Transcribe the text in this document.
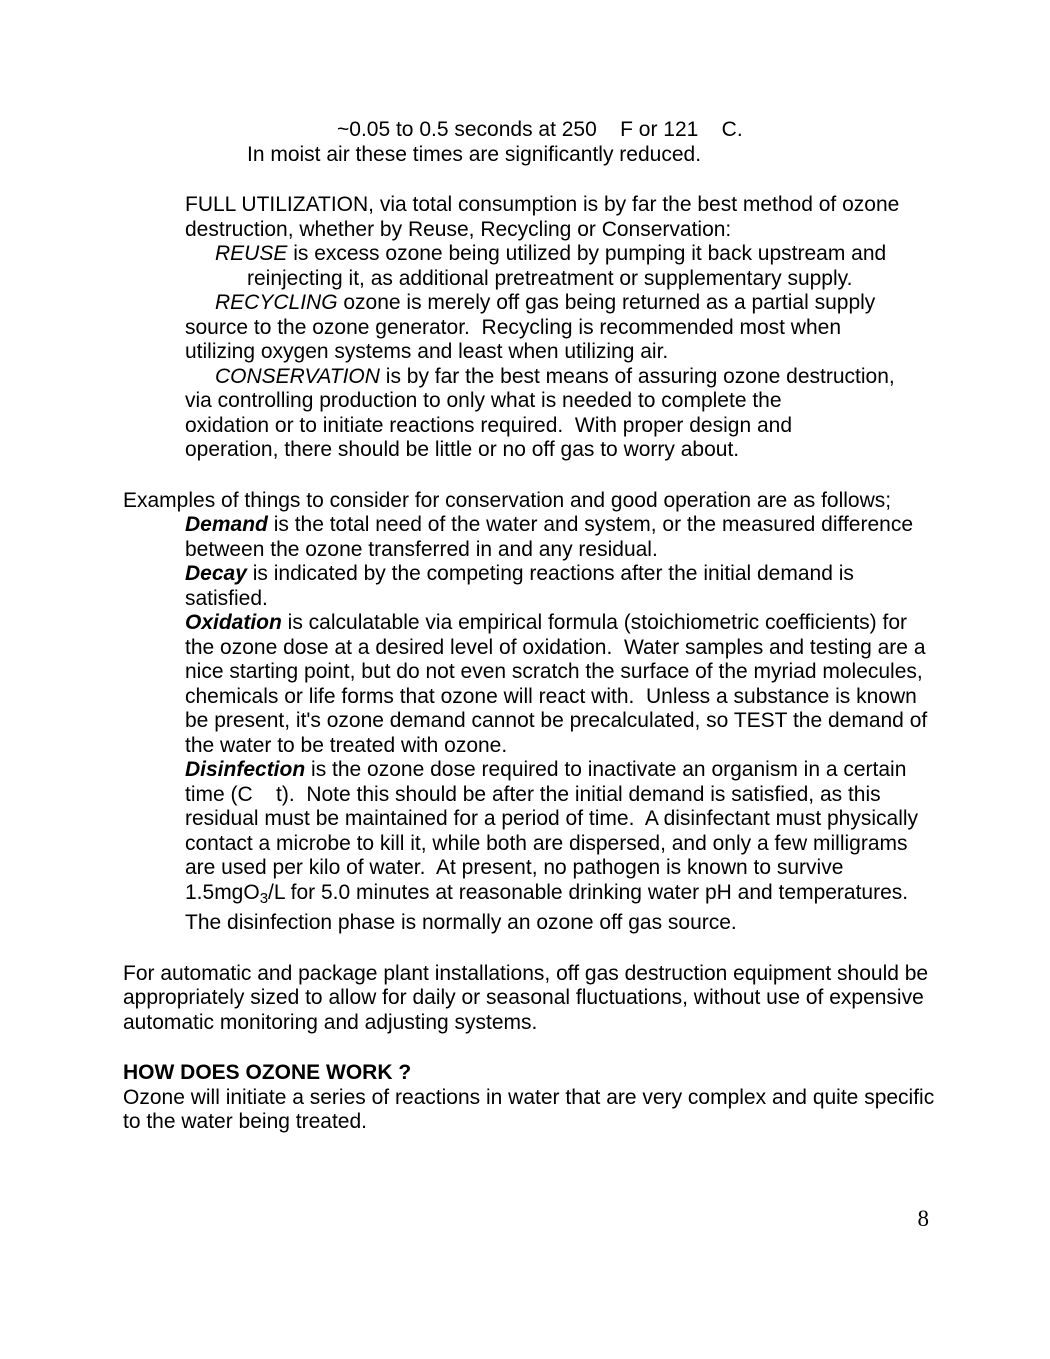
~0.05 to 0.5 seconds at 250    F or 121    C.
In moist air these times are significantly reduced.
FULL UTILIZATION, via total consumption is by far the best method of ozone
destruction, whether by Reuse, Recycling or Conservation:
REUSE is excess ozone being utilized by pumping it back upstream and
reinjecting it, as additional pretreatment or supplementary supply.
RECYCLING ozone is merely off gas being returned as a partial supply
source to the ozone generator.  Recycling is recommended most when
utilizing oxygen systems and least when utilizing air.
CONSERVATION is by far the best means of assuring ozone destruction,
via controlling production to only what is needed to complete the
oxidation or to initiate reactions required.  With proper design and
operation, there should be little or no off gas to worry about.
Examples of things to consider for conservation and good operation are as follows;
Demand is the total need of the water and system, or the measured difference
between the ozone transferred in and any residual.
Decay is indicated by the competing reactions after the initial demand is
satisfied.
Oxidation is calculatable via empirical formula (stoichiometric coefficients) for
the ozone dose at a desired level of oxidation.  Water samples and testing are a
nice starting point, but do not even scratch the surface of the myriad molecules,
chemicals or life forms that ozone will react with.  Unless a substance is known
be present, it's ozone demand cannot be precalculated, so TEST the demand of
the water to be treated with ozone.
Disinfection is the ozone dose required to inactivate an organism in a certain
time (C    t).  Note this should be after the initial demand is satisfied, as this
residual must be maintained for a period of time.  A disinfectant must physically
contact a microbe to kill it, while both are dispersed, and only a few milligrams
are used per kilo of water.  At present, no pathogen is known to survive
1.5mgO$_3$/L for 5.0 minutes at reasonable drinking water pH and temperatures.
The disinfection phase is normally an ozone off gas source.
For automatic and package plant installations, off gas destruction equipment should be
appropriately sized to allow for daily or seasonal fluctuations, without use of expensive
automatic monitoring and adjusting systems.
HOW DOES OZONE WORK ?
Ozone will initiate a series of reactions in water that are very complex and quite specific
to the water being treated.
8
